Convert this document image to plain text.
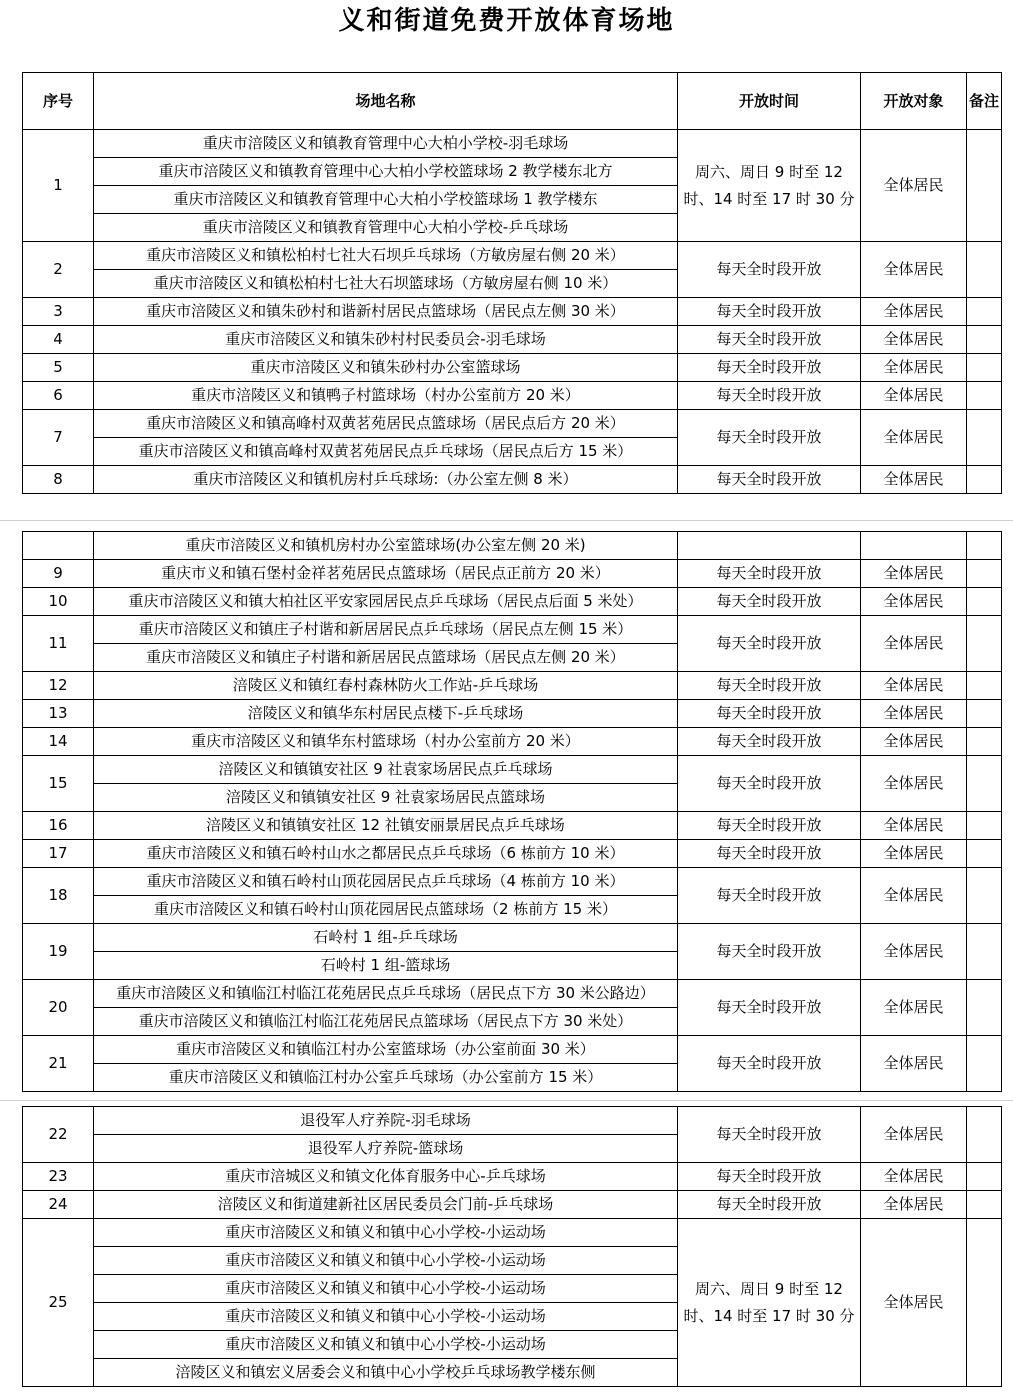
义和街道免费开放体育场地
序号	场地名称	开放时间	开放对象	备注
1	重庆市涪陵区义和镇教育管理中心大柏小学校-羽毛球场	周六、周日 9 时至 12 时、14 时至 17 时 30 分	全体居民	
	重庆市涪陵区义和镇教育管理中心大柏小学校篮球场 2 教学楼东北方			
	重庆市涪陵区义和镇教育管理中心大柏小学校篮球场 1 教学楼东			
	重庆市涪陵区义和镇教育管理中心大柏小学校-乒乓球场			
2	重庆市涪陵区义和镇松柏村七社大石坝乒乓球场（方敏房屋右侧 20 米）	每天全时段开放	全体居民	
	重庆市涪陵区义和镇松柏村七社大石坝篮球场（方敏房屋右侧 10 米）			
3	重庆市涪陵区义和镇朱砂村和谐新村居民点篮球场（居民点左侧 30 米）	每天全时段开放	全体居民	
4	重庆市涪陵区义和镇朱砂村村民委员会-羽毛球场	每天全时段开放	全体居民	
5	重庆市涪陵区义和镇朱砂村办公室篮球场	每天全时段开放	全体居民	
6	重庆市涪陵区义和镇鸭子村篮球场（村办公室前方 20 米）	每天全时段开放	全体居民	
7	重庆市涪陵区义和镇高峰村双黄茗苑居民点篮球场（居民点后方 20 米）	每天全时段开放	全体居民	
	重庆市涪陵区义和镇高峰村双黄茗苑居民点乒乓球场（居民点后方 15 米）			
8	重庆市涪陵区义和镇机房村乒乓球场:（办公室左侧 8 米）	每天全时段开放	全体居民	
	重庆市涪陵区义和镇机房村办公室篮球场(办公室左侧 20 米)			
9	重庆市义和镇石堡村金祥茗苑居民点篮球场（居民点正前方 20 米）	每天全时段开放	全体居民	
10	重庆市涪陵区义和镇大柏社区平安家园居民点乒乓球场（居民点后面 5 米处）	每天全时段开放	全体居民	
11	重庆市涪陵区义和镇庄子村谐和新居居民点乒乓球场（居民点左侧 15 米）	每天全时段开放	全体居民	
	重庆市涪陵区义和镇庄子村谐和新居居民点篮球场（居民点左侧 20 米）			
12	涪陵区义和镇红春村森林防火工作站-乒乓球场	每天全时段开放	全体居民	
13	涪陵区义和镇华东村居民点楼下-乒乓球场	每天全时段开放	全体居民	
14	重庆市涪陵区义和镇华东村篮球场（村办公室前方 20 米）	每天全时段开放	全体居民	
15	涪陵区义和镇镇安社区 9 社袁家场居民点乒乓球场	每天全时段开放	全体居民	
	涪陵区义和镇镇安社区 9 社袁家场居民点篮球场			
16	涪陵区义和镇镇安社区 12 社镇安丽景居民点乒乓球场	每天全时段开放	全体居民	
17	重庆市涪陵区义和镇石岭村山水之都居民点乒乓球场（6 栋前方 10 米）	每天全时段开放	全体居民	
18	重庆市涪陵区义和镇石岭村山顶花园居民点乒乓球场（4 栋前方 10 米）	每天全时段开放	全体居民	
	重庆市涪陵区义和镇石岭村山顶花园居民点篮球场（2 栋前方 15 米）			
19	石岭村 1 组-乒乓球场	每天全时段开放	全体居民	
	石岭村 1 组-篮球场			
20	重庆市涪陵区义和镇临江村临江花苑居民点乒乓球场（居民点下方 30 米公路边）	每天全时段开放	全体居民	
	重庆市涪陵区义和镇临江村临江花苑居民点篮球场（居民点下方 30 米处）			
21	重庆市涪陵区义和镇临江村办公室篮球场（办公室前面 30 米）	每天全时段开放	全体居民	
	重庆市涪陵区义和镇临江村办公室乒乓球场（办公室前方 15 米）			
22	退役军人疗养院-羽毛球场	每天全时段开放	全体居民	
	退役军人疗养院-篮球场			
23	重庆市涪城区义和镇文化体育服务中心-乒乓球场	每天全时段开放	全体居民	
24	涪陵区义和街道建新社区居民委员会门前-乒乓球场	每天全时段开放	全体居民	
25	重庆市涪陵区义和镇义和镇中心小学校-小运动场	周六、周日 9 时至 12 时、14 时至 17 时 30 分	全体居民	
	重庆市涪陵区义和镇义和镇中心小学校-小运动场			
	重庆市涪陵区义和镇义和镇中心小学校-小运动场			
	重庆市涪陵区义和镇义和镇中心小学校-小运动场			
	重庆市涪陵区义和镇义和镇中心小学校-小运动场			
	涪陵区义和镇宏义居委会义和镇中心小学校乒乓球场教学楼东侧			
